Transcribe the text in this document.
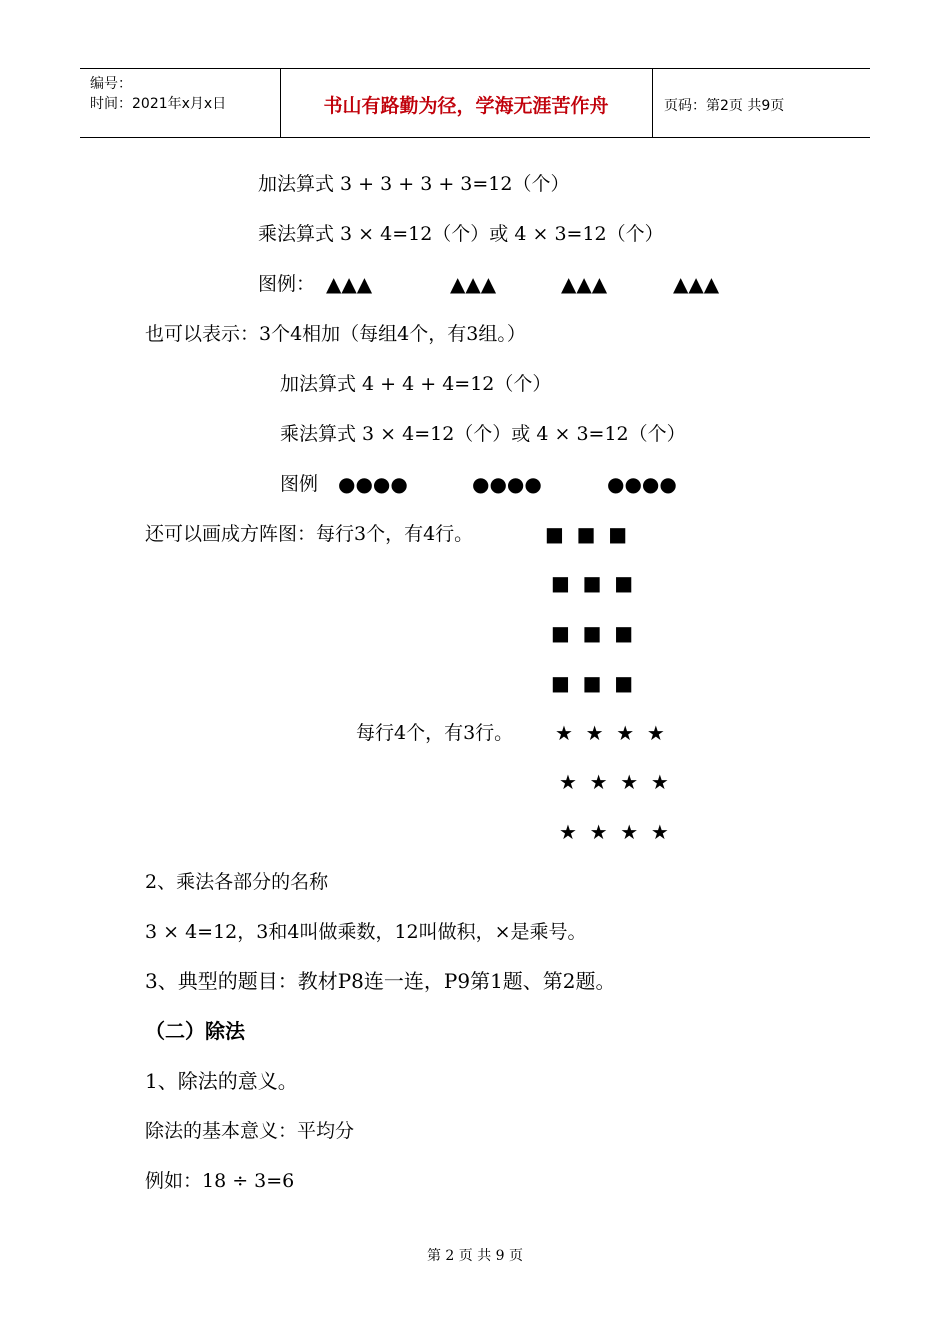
编号：
时间：2021年x月x日	书山有路勤为径，学海无涯苦作舟	页码：第2页 共9页
加法算式 3 + 3 + 3 + 3=12（个）
乘法算式 3 × 4=12（个）或 4 × 3=12（个）
图例： ▲▲▲	▲▲▲	▲▲▲	▲▲▲
也可以表示：3个4相加（每组4个，有3组。）
加法算式 4 + 4 + 4=12（个）
乘法算式 3 × 4=12（个）或 4 × 3=12（个）
图例 ●●●●	●●●●	●●●●
还可以画成方阵图：每行3个，有4行。	■  ■  ■
■  ■  ■
■  ■  ■
■  ■  ■
每行4个，有3行。 ★  ★  ★  ★
★  ★  ★  ★
★  ★  ★  ★
2、乘法各部分的名称
3 × 4=12，3和4叫做乘数，12叫做积，×是乘号。
3、典型的题目：教材P8连一连，P9第1题、第2题。
（二）除法
1、除法的意义。
除法的基本意义：平均分
例如：18 ÷ 3=6
第 2 页 共 9 页
